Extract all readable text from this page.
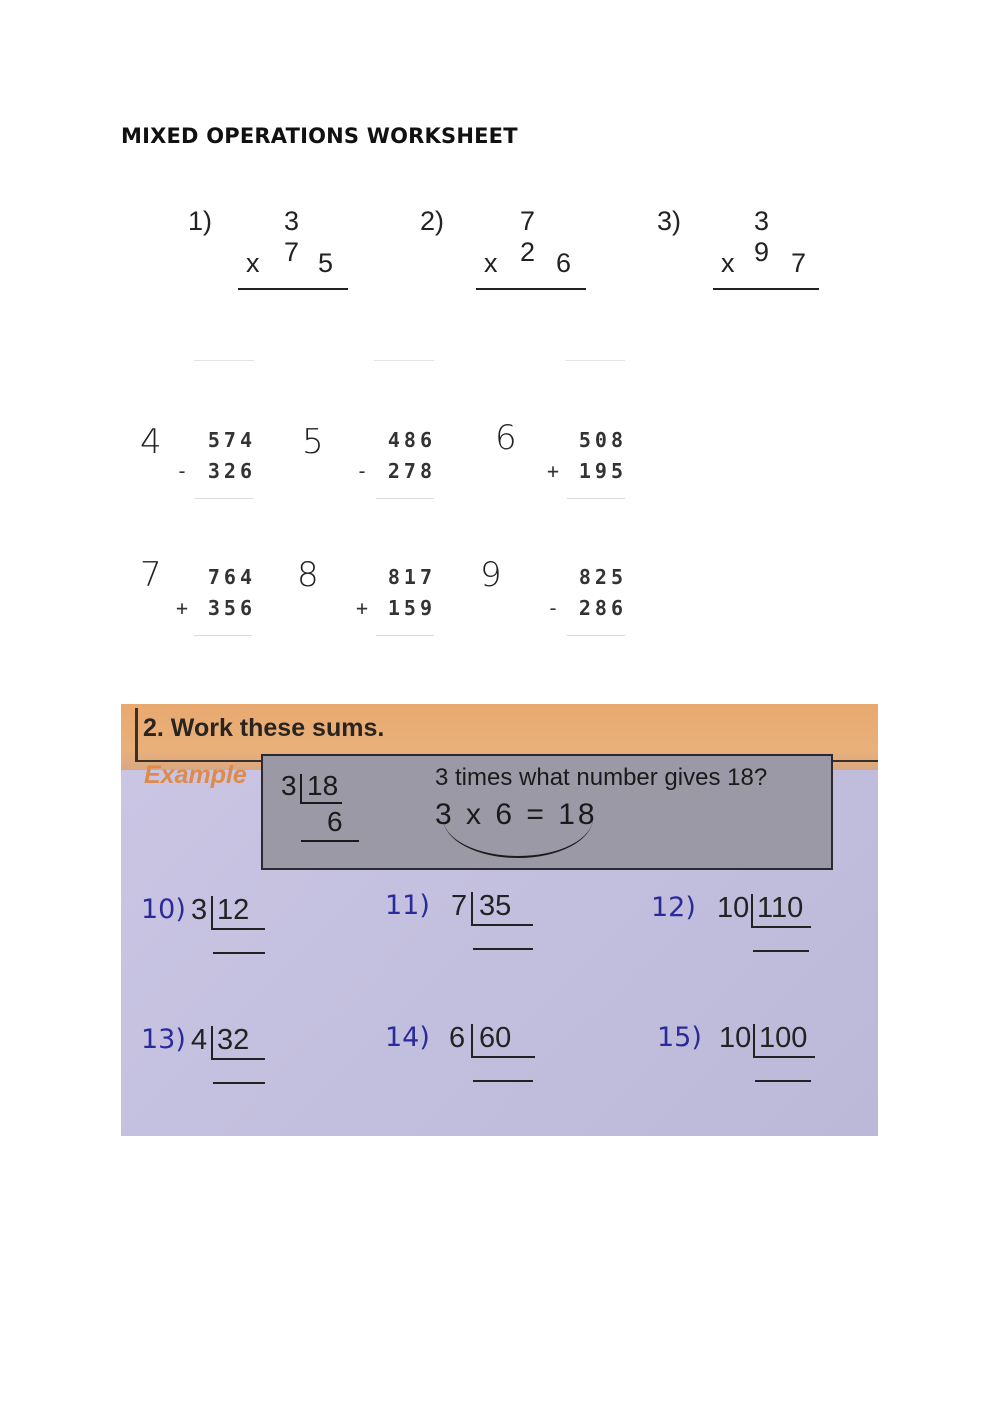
MIXED OPERATIONS WORKSHEET
1)	3 7
x 5
2)	7 2
x 6
3)	3 9
x 7
4 574
- 326
5	486
- 278
6	508
+ 195
7 764
+ 356
8	817
+ 159
9	825
- 286
2. Work these sums.
Example 3 18
6
3 times what number gives 18?
3 x 6 = 18
10) 3 12	11) 7 35	12) 10 110
13) 4 32	14) 6 60	15) 10 100
